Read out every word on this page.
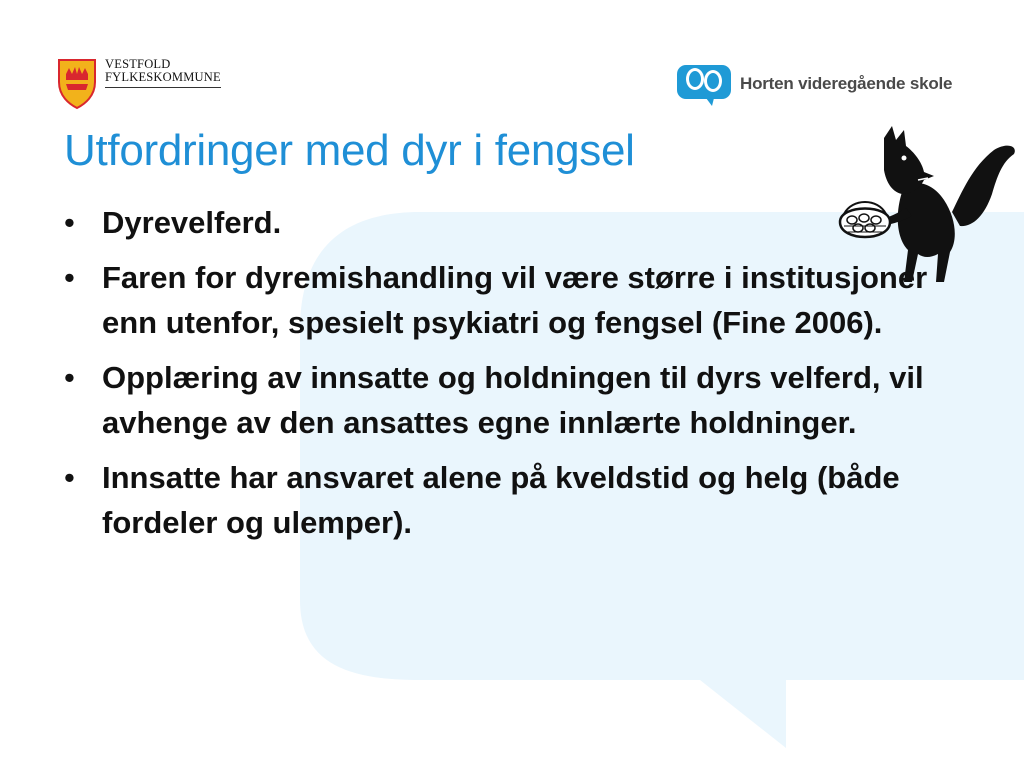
VESTFOLD

FYLKESKOMMUNE	Horten videregående skole
Utfordringer med dyr i fengsel
• Dyrevelferd.
• Faren for dyremishandling vil være større i institusjoner enn utenfor, spesielt psykiatri og fengsel (Fine 2006).
• Opplæring av innsatte og holdningen til dyrs velferd, vil avhenge av den ansattes egne innlærte holdninger.
• Innsatte har ansvaret alene på kveldstid og helg (både fordeler og ulemper).
